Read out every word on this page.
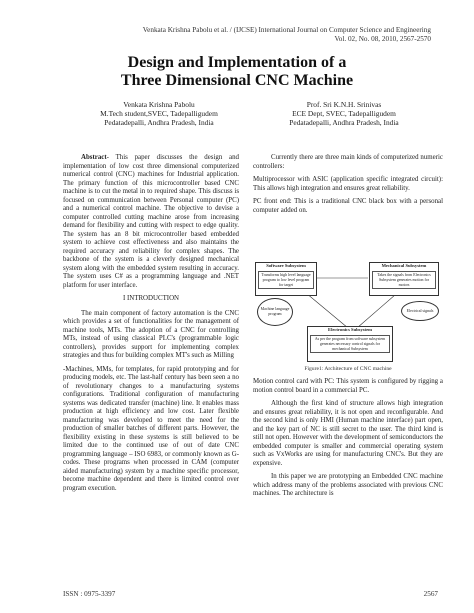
Venkata Krishna Pabolu et al. / (IJCSE) International Journal on Computer Science and Engineering
Vol. 02, No. 08, 2010, 2567-2570
Design and Implementation of a
Three Dimensional CNC Machine
Venkata Krishna Pabolu
M.Tech student,SVEC, Tadepalligudem
Pedatadepalli, Andhra Pradesh, India
Prof. Sri K.N.H. Srinivas
ECE Dept, SVEC, Tadepalligudem
Pedatadepalli, Andhra Pradesh, India

Abstract- This paper discusses the design and implementation of low cost three dimensional computerized numerical control (CNC) machines for Industrial application. The primary function of this microcontroller based CNC machine is to cut the metal in to required shape. This discuss is focused on communication between Personal computer (PC) and a numerical control machine. The objective to devise a computer controlled cutting machine arose from increasing demand for flexibility and cutting with respect to edge quality. The system has an 8 bit microcontroller based embedded system to achieve cost effectiveness and also maintains the required accuracy and reliability for complex shapes. The backbone of the system is a cleverly designed mechanical system along with the embedded system resulting in accuracy. The system uses C# as a programming language and .NET platform for user interface.

I INTRODUCTION

The main component of factory automation is the CNC which provides a set of functionalities for the management of machine tools, MTs. The adoption of a CNC for controlling MTs, instead of using classical PLC's (programmable logic controllers), provides support for implementing complex strategies and thus for building complex MT's such as Milling

-Machines, MMs, for templates, for rapid prototyping and for producing models, etc. The last-half century has been seen a no of revolutionary changes to a manufacturing systems configurations. Traditional configuration of manufacturing systems was dedicated transfer (machine) line. It enables mass production at high efficiency and low cost. Later flexible manufacturing was developed to meet the need for the production of smaller batches of different parts. However, the flexibility existing in these systems is still believed to be limited due to the continued use of out of date CNC programming language – ISO 6983, or commonly known as G- codes. These programs when processed in CAM (computer aided manufacturing) system by a machine specific processor, become machine dependent and there is limited control over program execution.

Currently there are three main kinds of computerized numeric controllers:

Multiprocessor with ASIC (application specific integrated circuit): This allows high integration and ensures great reliability.

PC front end: This is a traditional CNC black box with a personal computer added on.

Software Subsystem
Transforms high level language program to low level program for target
Mechanical Subsystem
Takes the signals from Electronics Subsystem generates motion for motors
Machine language program
Electrical signals
Electronics Subsystem
As per the program from software subsystem generates necessary control signals for mechanical Subsystem
Figure1: Architecture of CNC machine

Motion control card with PC: This system is configured by rigging a motion control board in a commercial PC.

Although the first kind of structure allows high integration and ensures great reliability, it is not open and reconfigurable. And the second kind is only HMI (Human machine interface) part open, and the key part of NC is still secret to the user. The third kind is still not open. However with the development of semiconductors the embedded computer is smaller and commercial operating system such as VxWorks are using for manufacturing CNC's. But they are expensive.

In this paper we are prototyping an Embedded CNC machine which address many of the problems associated with previous CNC machines. The architecture is

ISSN : 0975-3397	2567
